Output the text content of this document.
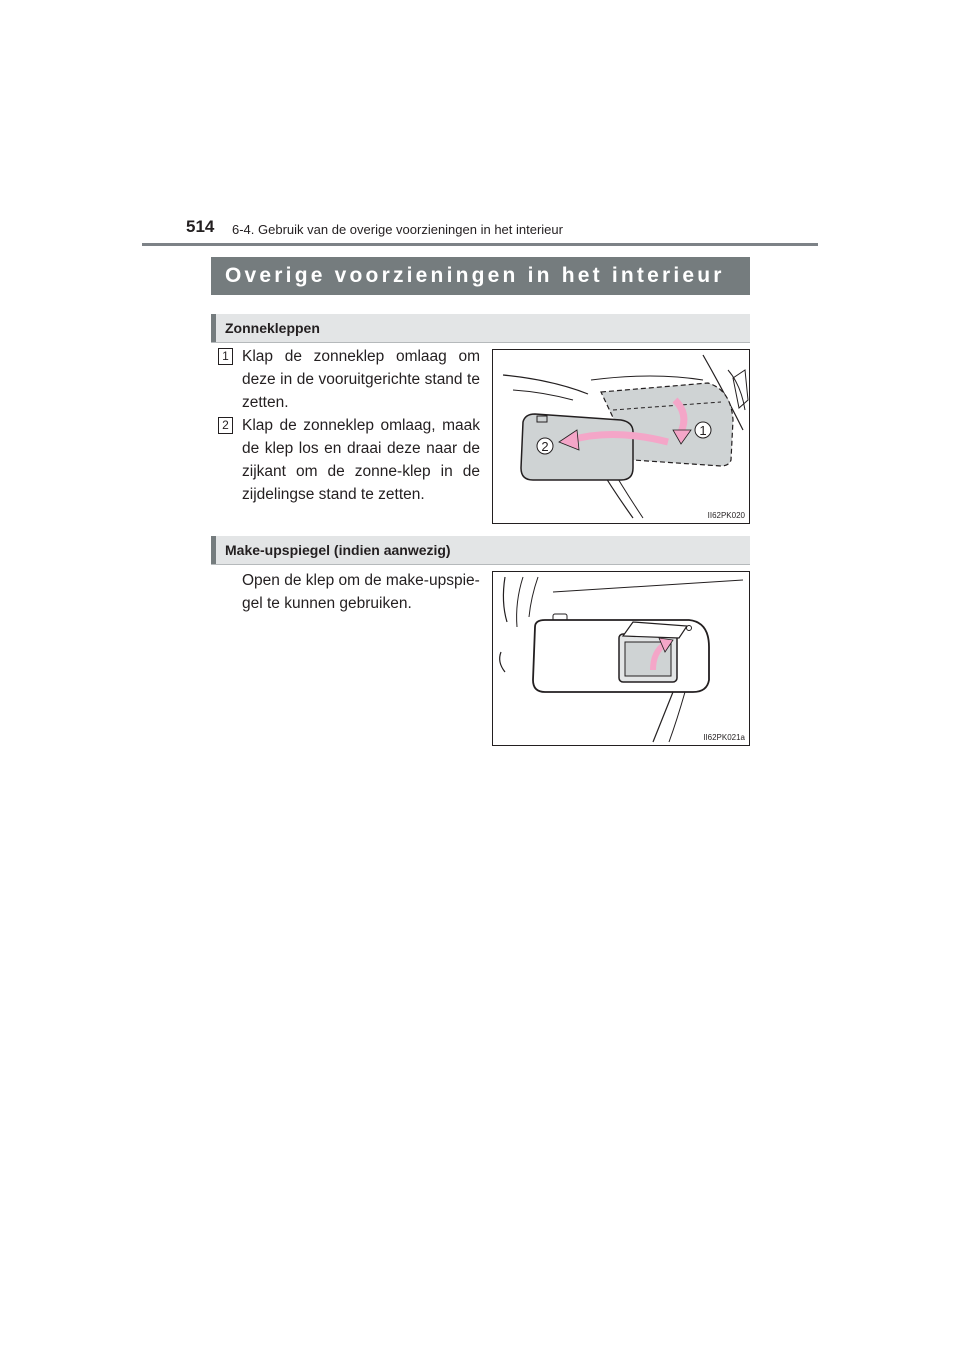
514 6-4. Gebruik van de overige voorzieningen in het interieur
Overige voorzieningen in het interieur
Zonnekleppen
1 Klap de zonneklep omlaag om deze in de vooruitgerichte stand te zetten.
2 Klap de zonneklep omlaag, maak de klep los en draai deze naar de zijkant om de zonne-klep in de zijdelingse stand te zetten.
1
2
II62PK020
Make-upspiegel (indien aanwezig)
Open de klep om de make-upspie-gel te kunnen gebruiken.
II62PK021a
